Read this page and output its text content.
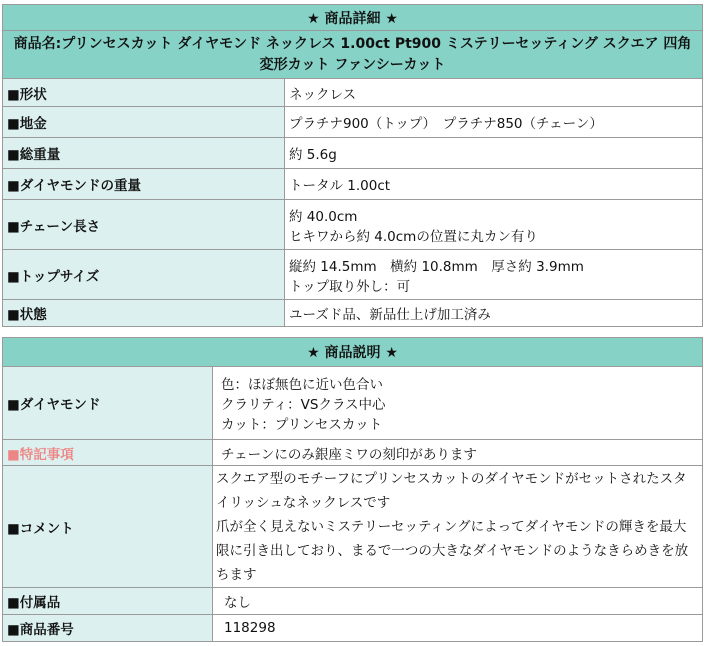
★ 商品詳細 ★	
商品名:プリンセスカット ダイヤモンド ネックレス 1.00ct Pt900 ミステリーセッティング スクエア 四角 変形カット ファンシーカット	
■形状	ネックレス

■地金	プラチナ900（トップ）　プラチナ850（チェーン）

■総重量	約 5.6g

■ダイヤモンドの重量	トータル 1.00ct

■チェーン長さ	約 40.0cm
ヒキワから約 4.0cmの位置に丸カン有り

■トップサイズ	縦約 14.5mm　横約 10.8mm　厚さ約 3.9mm
トップ取り外し：可

■状態	ユーズド品、新品仕上げ加工済み
★ 商品説明 ★	
■ダイヤモンド	色：ほぼ無色に近い色合い
クラリティ：VSクラス中心
カット：プリンセスカット

■特記事項	チェーンにのみ銀座ミワの刻印があります

■コメント	スクエア型のモチーフにプリンセスカットのダイヤモンドがセットされたスタイリッシュなネックレスです
爪が全く見えないミステリーセッティングによってダイヤモンドの輝きを最大限に引き出しており、まるで一つの大きなダイヤモンドのようなきらめきを放ちます

■付属品	なし

■商品番号	118298
